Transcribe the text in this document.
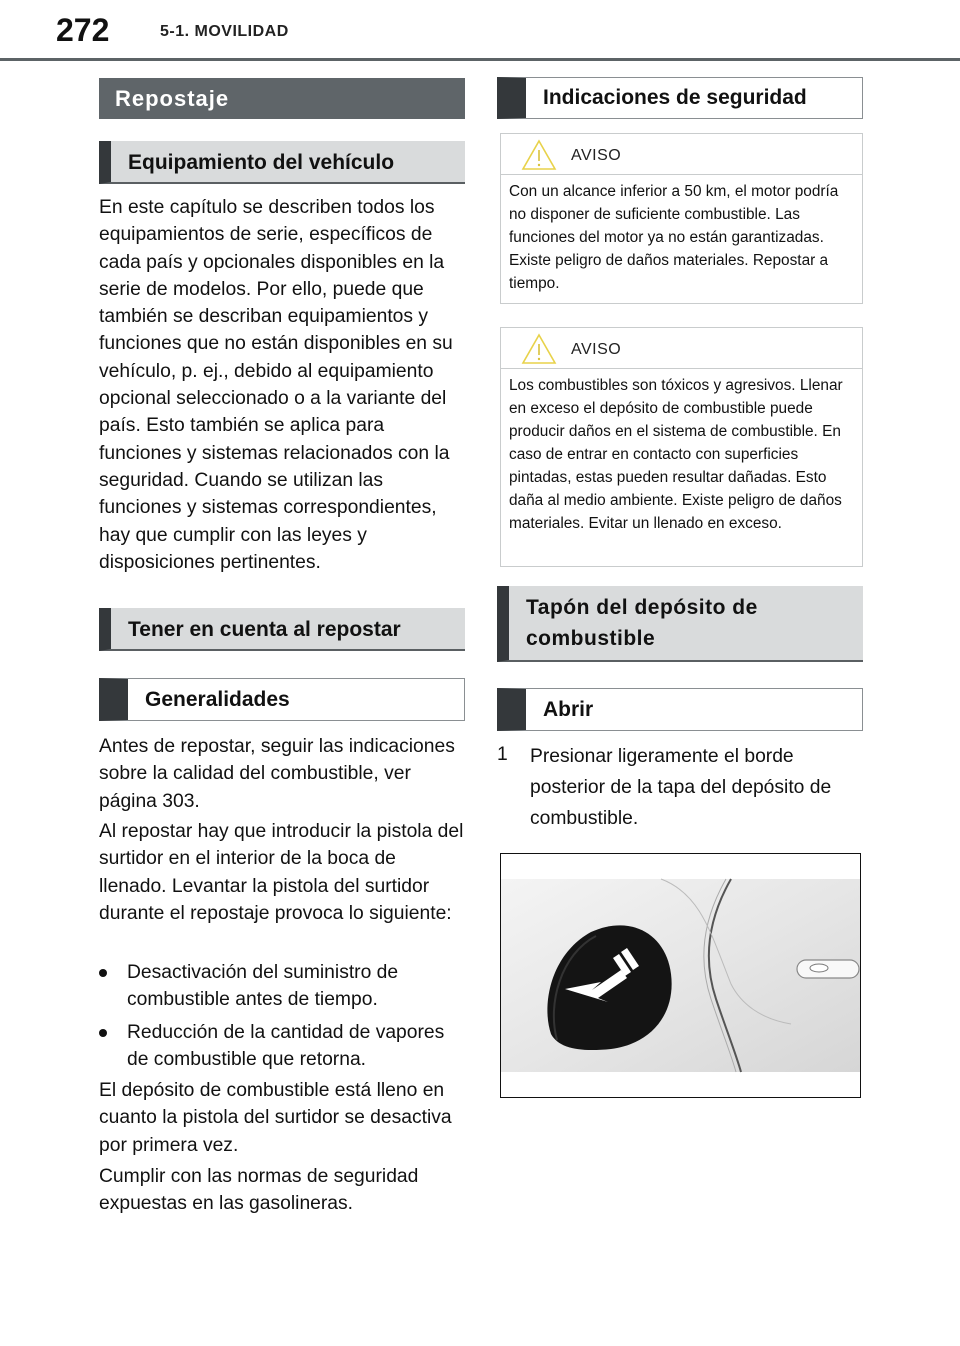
272	5-1. MOVILIDAD
Repostaje
Equipamiento del vehículo

En este capítulo se describen todos los equipamientos de serie, específicos de cada país y opcionales disponibles en la serie de modelos. Por ello, puede que también se describan equipamientos y funciones que no están disponibles en su vehículo, p. ej., debido al equipamiento opcional seleccionado o a la variante del país. Esto también se aplica para funciones y sistemas relacionados con la seguridad. Cuando se utilizan las funciones y sistemas correspondientes, hay que cumplir con las leyes y disposiciones pertinentes.

Tener en cuenta al repostar
Generalidades

Antes de repostar, seguir las indicaciones sobre la calidad del combustible, ver página 303.

Al repostar hay que introducir la pistola del surtidor en el interior de la boca de llenado. Levantar la pistola del surtidor durante el repostaje provoca lo siguiente:

Desactivación del suministro de combustible antes de tiempo.
Reducción de la cantidad de vapores de combustible que retorna.

El depósito de combustible está lleno en cuanto la pistola del surtidor se desactiva por primera vez.

Cumplir con las normas de seguridad expuestas en las gasolineras.

Indicaciones de seguridad
AVISO
Con un alcance inferior a 50 km, el motor podría no disponer de suficiente combustible. Las funciones del motor ya no están garantizadas. Existe peligro de daños materiales. Repostar a tiempo.
AVISO
Los combustibles son tóxicos y agresivos. Llenar en exceso el depósito de combustible puede producir daños en el sistema de combustible. En caso de entrar en contacto con superficies pintadas, estas pueden resultar dañadas. Esto daña al medio ambiente. Existe peligro de daños materiales. Evitar un llenado en exceso.
Tapón del depósito de combustible
Abrir
1 Presionar ligeramente el borde posterior de la tapa del depósito de combustible.
